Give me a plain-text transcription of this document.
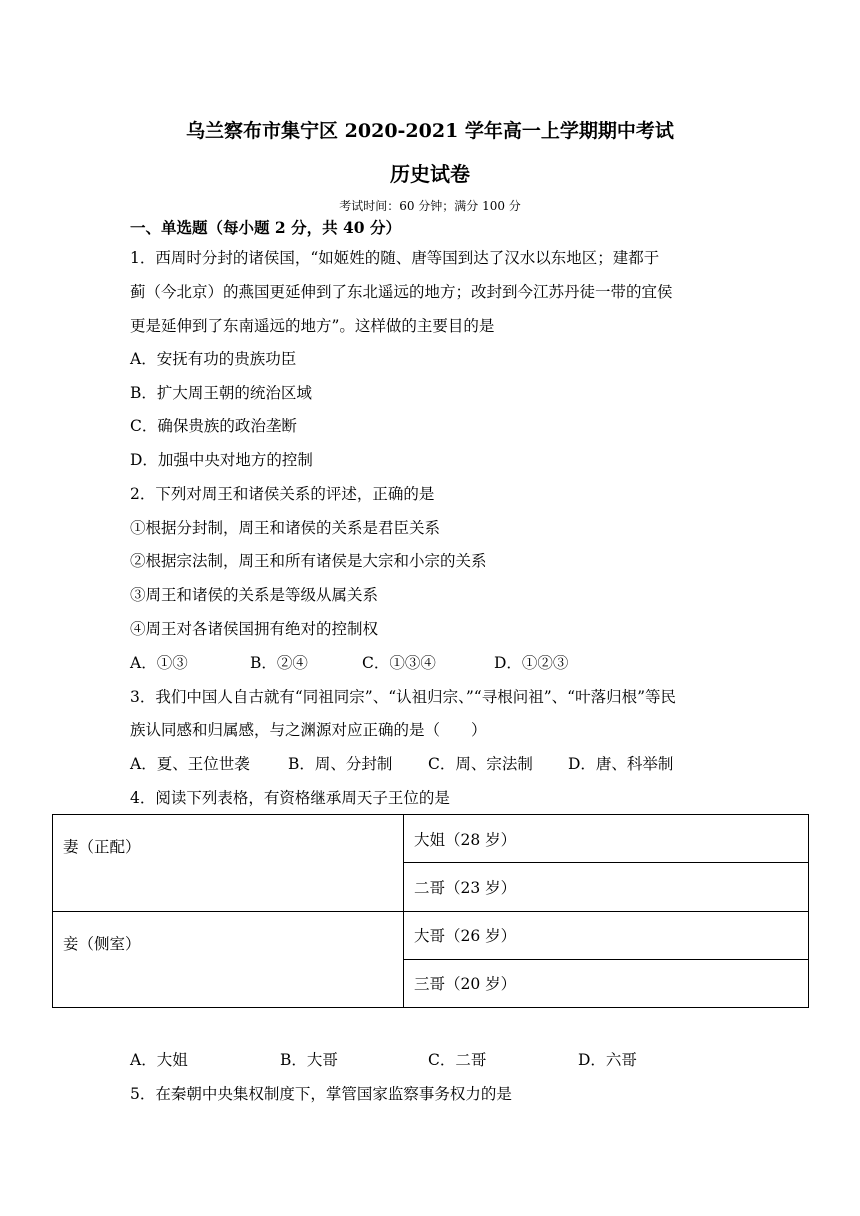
乌兰察布市集宁区 2020-2021 学年高一上学期期中考试
历史试卷
考试时间：60 分钟；满分 100 分
一、单选题（每小题 2 分，共 40 分）
1．西周时分封的诸侯国，“如姬姓的随、唐等国到达了汉水以东地区；建都于
蓟（今北京）的燕国更延伸到了东北遥远的地方；改封到今江苏丹徒一带的宜侯
更是延伸到了东南遥远的地方”。这样做的主要目的是
A．安抚有功的贵族功臣
B．扩大周王朝的统治区域
C．确保贵族的政治垄断
D．加强中央对地方的控制
2．下列对周王和诸侯关系的评述，正确的是
①根据分封制，周王和诸侯的关系是君臣关系
②根据宗法制，周王和所有诸侯是大宗和小宗的关系
③周王和诸侯的关系是等级从属关系
④周王对各诸侯国拥有绝对的控制权
A．①③	B．②④	C．①③④	D．①②③
3．我们中国人自古就有“同祖同宗”、“认祖归宗、”“寻根问祖”、“叶落归根”等民
族认同感和归属感，与之渊源对应正确的是（　　）
A．夏、王位世袭 B．周、分封制 C．周、宗法制 D．唐、科举制
4．阅读下列表格，有资格继承周天子王位的是
妻（正配）	大姐（28 岁）
	二哥（23 岁）
妾（侧室）	大哥（26 岁）
	三哥（20 岁）
A．大姐	B．大哥	C．二哥	D．六哥
5．在秦朝中央集权制度下，掌管国家监察事务权力的是
